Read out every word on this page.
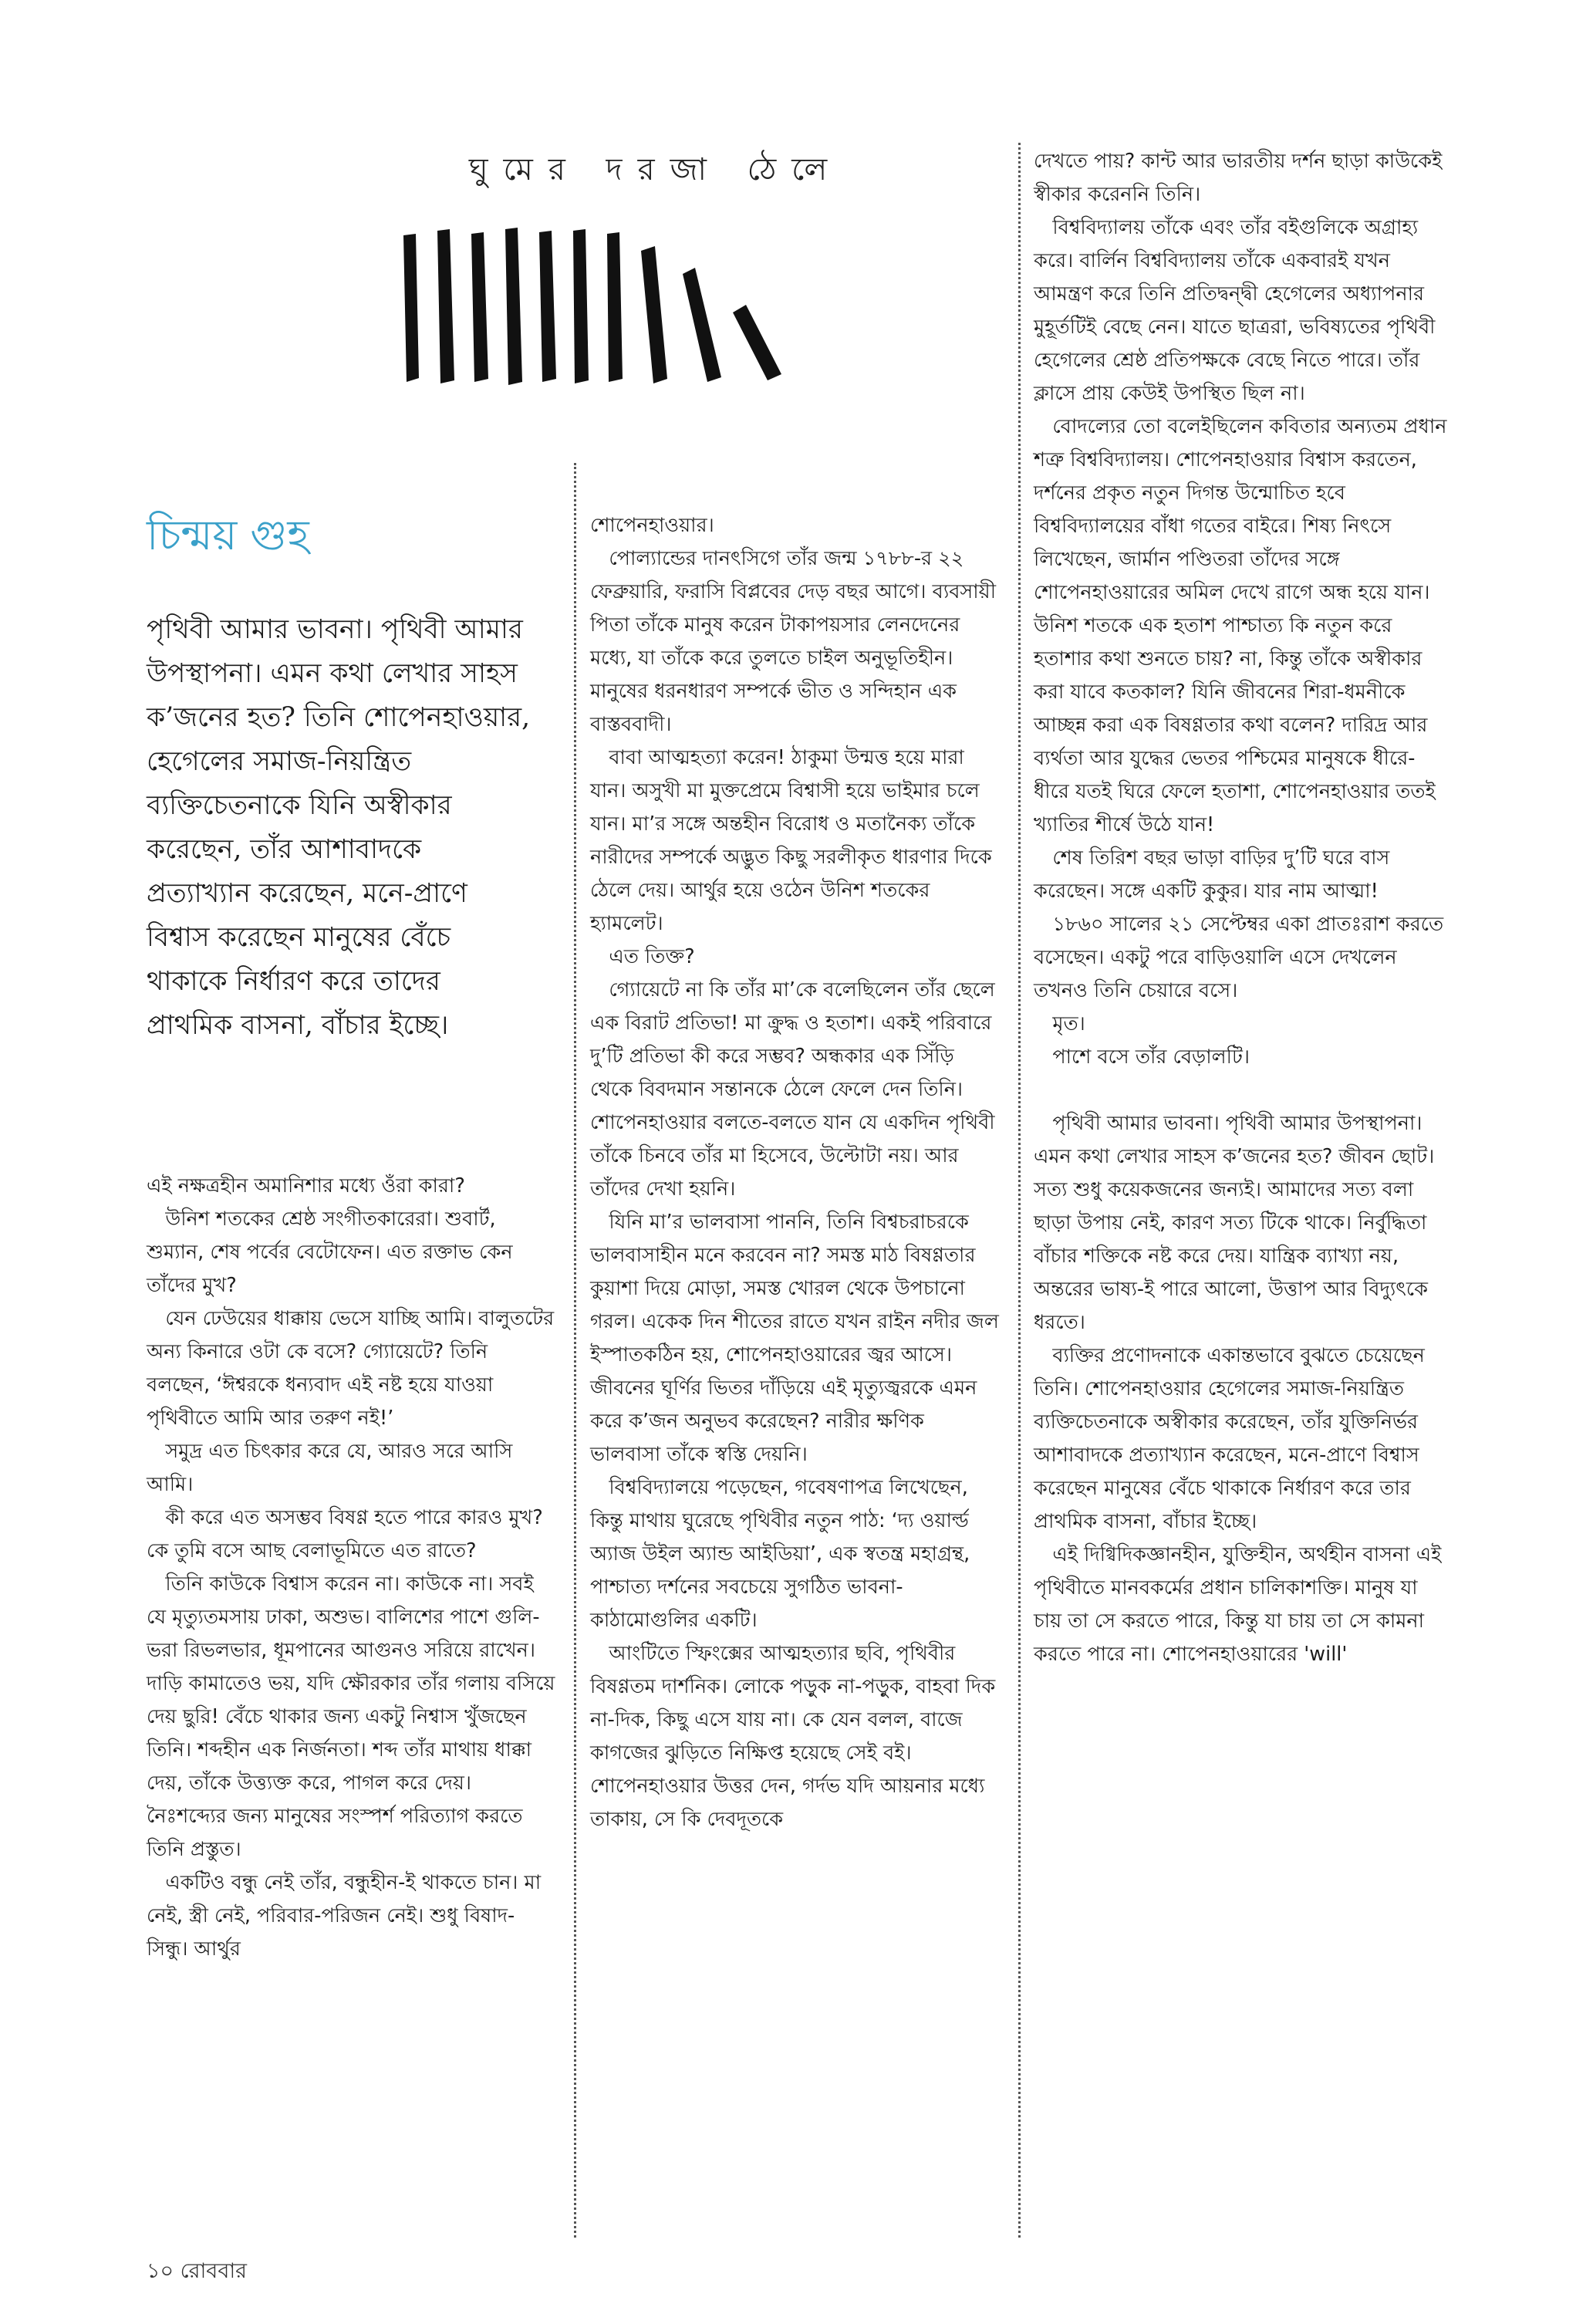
ঘুমের দরজা ঠেলে
চিন্ময় গুহ
পৃথিবী আমার ভাবনা। পৃথিবী আমার উপস্থাপনা। এমন কথা লেখার সাহস ক’জনের হত? তিনি শোপেনহাওয়ার, হেগেলের সমাজ-নিয়ন্ত্রিত ব্যক্তিচেতনাকে যিনি অস্বীকার করেছেন, তাঁর আশাবাদকে প্রত্যাখ্যান করেছেন, মনে-প্রাণে বিশ্বাস করেছেন মানুষের বেঁচে থাকাকে নির্ধারণ করে তাদের প্রাথমিক বাসনা, বাঁচার ইচ্ছে।
এই নক্ষত্রহীন অমানিশার মধ্যে ওঁরা কারা?
উনিশ শতকের শ্রেষ্ঠ সংগীতকারেরা। শুবার্ট, শুম্যান, শেষ পর্বের বেটোফেন। এত রক্তাভ কেন তাঁদের মুখ?
যেন ঢেউয়ের ধাক্কায় ভেসে যাচ্ছি আমি। বালুতটের অন্য কিনারে ওটা কে বসে? গ্যোয়েটে? তিনি বলছেন, ‘ঈশ্বরকে ধন্যবাদ এই নষ্ট হয়ে যাওয়া পৃথিবীতে আমি আর তরুণ নই!’
সমুদ্র এত চিৎকার করে যে, আরও সরে আসি আমি।
কী করে এত অসম্ভব বিষণ্ণ হতে পারে কারও মুখ? কে তুমি বসে আছ বেলাভূমিতে এত রাতে?
তিনি কাউকে বিশ্বাস করেন না। কাউকে না। সবই যে মৃত্যুতমসায় ঢাকা, অশুভ। বালিশের পাশে গুলি-ভরা রিভলভার, ধূমপানের আগুনও সরিয়ে রাখেন। দাড়ি কামাতেও ভয়, যদি ক্ষৌরকার তাঁর গলায় বসিয়ে দেয় ছুরি! বেঁচে থাকার জন্য একটু নিশ্বাস খুঁজছেন তিনি। শব্দহীন এক নির্জনতা। শব্দ তাঁর মাথায় ধাক্কা দেয়, তাঁকে উত্ত্যক্ত করে, পাগল করে দেয়। নৈঃশব্দ্যের জন্য মানুষের সংস্পর্শ পরিত্যাগ করতে তিনি প্রস্তুত।
একটিও বন্ধু নেই তাঁর, বন্ধুহীন-ই থাকতে চান। মা নেই, স্ত্রী নেই, পরিবার-পরিজন নেই। শুধু বিষাদ-সিন্ধু। আর্থুর
শোপেনহাওয়ার।
পোল্যান্ডের দানৎসিগে তাঁর জন্ম ১৭৮৮-র ২২ ফেব্রুয়ারি, ফরাসি বিপ্লবের দেড় বছর আগে। ব্যবসায়ী পিতা তাঁকে মানুষ করেন টাকাপয়সার লেনদেনের মধ্যে, যা তাঁকে করে তুলতে চাইল অনুভূতিহীন। মানুষের ধরনধারণ সম্পর্কে ভীত ও সন্দিহান এক বাস্তববাদী।
বাবা আত্মহত্যা করেন! ঠাকুমা উন্মত্ত হয়ে মারা যান। অসুখী মা মুক্তপ্রেমে বিশ্বাসী হয়ে ভাইমার চলে যান। মা’র সঙ্গে অন্তহীন বিরোধ ও মতানৈক্য তাঁকে নারীদের সম্পর্কে অদ্ভুত কিছু সরলীকৃত ধারণার দিকে ঠেলে দেয়। আর্থুর হয়ে ওঠেন উনিশ শতকের হ্যামলেট।
এত তিক্ত?
গ্যোয়েটে না কি তাঁর মা’কে বলেছিলেন তাঁর ছেলে এক বিরাট প্রতিভা! মা ক্রুদ্ধ ও হতাশ। একই পরিবারে দু’টি প্রতিভা কী করে সম্ভব? অন্ধকার এক সিঁড়ি থেকে বিবদমান সন্তানকে ঠেলে ফেলে দেন তিনি। শোপেনহাওয়ার বলতে-বলতে যান যে একদিন পৃথিবী তাঁকে চিনবে তাঁর মা হিসেবে, উল্টোটা নয়। আর তাঁদের দেখা হয়নি।
যিনি মা’র ভালবাসা পাননি, তিনি বিশ্বচরাচরকে ভালবাসাহীন মনে করবেন না? সমস্ত মাঠ বিষণ্ণতার কুয়াশা দিয়ে মোড়া, সমস্ত খোরল থেকে উপচানো গরল। একেক দিন শীতের রাতে যখন রাইন নদীর জল ইস্পাতকঠিন হয়, শোপেনহাওয়ারের জ্বর আসে। জীবনের ঘূর্ণির ভিতর দাঁড়িয়ে এই মৃত্যুজ্বরকে এমন করে ক’জন অনুভব করেছেন? নারীর ক্ষণিক ভালবাসা তাঁকে স্বস্তি দেয়নি।
বিশ্ববিদ্যালয়ে পড়েছেন, গবেষণাপত্র লিখেছেন, কিন্তু মাথায় ঘুরেছে পৃথিবীর নতুন পাঠ: ‘দ্য ওয়ার্ল্ড অ্যাজ উইল অ্যান্ড আইডিয়া’, এক স্বতন্ত্র মহাগ্রন্থ, পাশ্চাত্য দর্শনের সবচেয়ে সুগঠিত ভাবনা-কাঠামোগুলির একটি।
আংটিতে স্ফিংক্সের আত্মহত্যার ছবি, পৃথিবীর বিষণ্ণতম দার্শনিক। লোকে পড়ুক না-পড়ুক, বাহবা দিক না-দিক, কিছু এসে যায় না। কে যেন বলল, বাজে কাগজের ঝুড়িতে নিক্ষিপ্ত হয়েছে সেই বই। শোপেনহাওয়ার উত্তর দেন, গর্দভ যদি আয়নার মধ্যে তাকায়, সে কি দেবদূতকে
দেখতে পায়? কান্ট আর ভারতীয় দর্শন ছাড়া কাউকেই স্বীকার করেননি তিনি।
বিশ্ববিদ্যালয় তাঁকে এবং তাঁর বইগুলিকে অগ্রাহ্য করে। বার্লিন বিশ্ববিদ্যালয় তাঁকে একবারই যখন আমন্ত্রণ করে তিনি প্রতিদ্বন্দ্বী হেগেলের অধ্যাপনার মুহূর্তটিই বেছে নেন। যাতে ছাত্ররা, ভবিষ্যতের পৃথিবী হেগেলের শ্রেষ্ঠ প্রতিপক্ষকে বেছে নিতে পারে। তাঁর ক্লাসে প্রায় কেউই উপস্থিত ছিল না।
বোদল্যের তো বলেইছিলেন কবিতার অন্যতম প্রধান শত্রু বিশ্ববিদ্যালয়। শোপেনহাওয়ার বিশ্বাস করতেন, দর্শনের প্রকৃত নতুন দিগন্ত উন্মোচিত হবে বিশ্ববিদ্যালয়ের বাঁধা গতের বাইরে। শিষ্য নিৎসে লিখেছেন, জার্মান পণ্ডিতরা তাঁদের সঙ্গে শোপেনহাওয়ারের অমিল দেখে রাগে অন্ধ হয়ে যান। উনিশ শতকে এক হতাশ পাশ্চাত্য কি নতুন করে হতাশার কথা শুনতে চায়? না, কিন্তু তাঁকে অস্বীকার করা যাবে কতকাল? যিনি জীবনের শিরা-ধমনীকে আচ্ছন্ন করা এক বিষণ্ণতার কথা বলেন? দারিদ্র আর ব্যর্থতা আর যুদ্ধের ভেতর পশ্চিমের মানুষকে ধীরে-ধীরে যতই ঘিরে ফেলে হতাশা, শোপেনহাওয়ার ততই খ্যাতির শীর্ষে উঠে যান!
শেষ তিরিশ বছর ভাড়া বাড়ির দু’টি ঘরে বাস করেছেন। সঙ্গে একটি কুকুর। যার নাম আত্মা!
১৮৬০ সালের ২১ সেপ্টেম্বর একা প্রাতঃরাশ করতে বসেছেন। একটু পরে বাড়িওয়ালি এসে দেখলেন তখনও তিনি চেয়ারে বসে।
মৃত।
পাশে বসে তাঁর বেড়ালটি।

পৃথিবী আমার ভাবনা। পৃথিবী আমার উপস্থাপনা। এমন কথা লেখার সাহস ক’জনের হত? জীবন ছোট। সত্য শুধু কয়েকজনের জন্যই। আমাদের সত্য বলা ছাড়া উপায় নেই, কারণ সত্য টিকে থাকে। নির্বুদ্ধিতা বাঁচার শক্তিকে নষ্ট করে দেয়। যান্ত্রিক ব্যাখ্যা নয়, অন্তরের ভাষ্য-ই পারে আলো, উত্তাপ আর বিদ্যুৎকে ধরতে।
ব্যক্তির প্রণোদনাকে একান্তভাবে বুঝতে চেয়েছেন তিনি। শোপেনহাওয়ার হেগেলের সমাজ-নিয়ন্ত্রিত ব্যক্তিচেতনাকে অস্বীকার করেছেন, তাঁর যুক্তিনির্ভর আশাবাদকে প্রত্যাখ্যান করেছেন, মনে-প্রাণে বিশ্বাস করেছেন মানুষের বেঁচে থাকাকে নির্ধারণ করে তার প্রাথমিক বাসনা, বাঁচার ইচ্ছে।
এই দিগ্বিদিকজ্ঞানহীন, যুক্তিহীন, অর্থহীন বাসনা এই পৃথিবীতে মানবকর্মের প্রধান চালিকাশক্তি। মানুষ যা চায় তা সে করতে পারে, কিন্তু যা চায় তা সে কামনা করতে পারে না। শোপেনহাওয়ারের 'will'
১০ রোববার
